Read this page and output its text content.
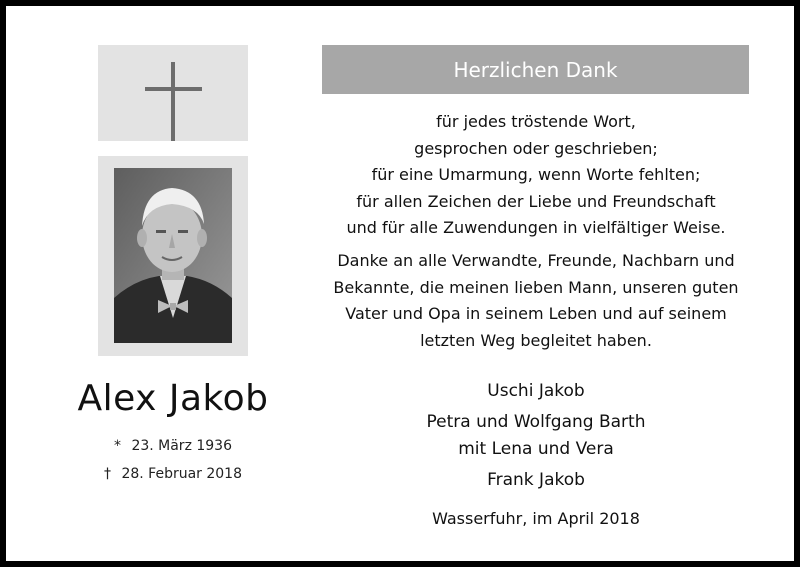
Alex Jakob
* 23. März 1936
† 28. Februar 2018
Herzlichen Dank

für jedes tröstende Wort,

gesprochen oder geschrieben;

für eine Umarmung, wenn Worte fehlten;

für allen Zeichen der Liebe und Freundschaft

und für alle Zuwendungen in vielfältiger Weise.

Danke an alle Verwandte, Freunde, Nachbarn und

Bekannte, die meinen lieben Mann, unseren guten

Vater und Opa in seinem Leben und auf seinem

letzten Weg begleitet haben.

Uschi Jakob

Petra und Wolfgang Barth

mit Lena und Vera

Frank Jakob

Wasserfuhr, im April 2018
